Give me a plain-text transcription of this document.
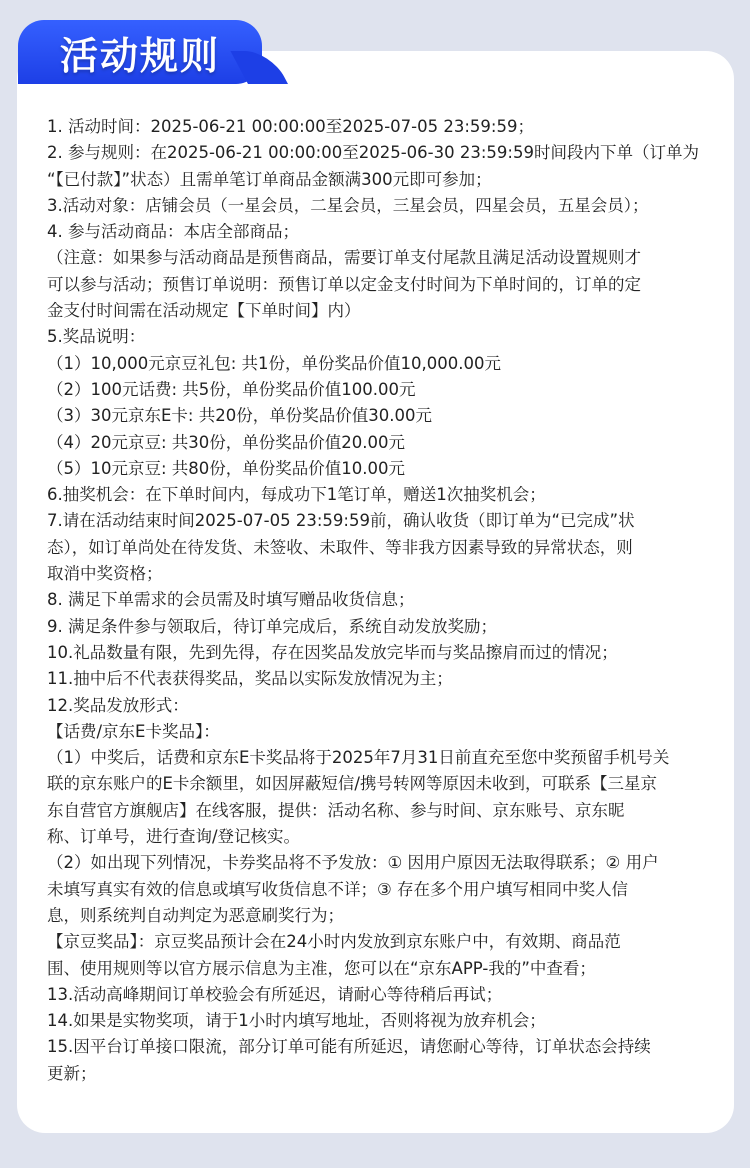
活动规则
1. 活动时间：2025-06-21 00:00:00至2025-07-05 23:59:59；
2. 参与规则：在2025-06-21 00:00:00至2025-06-30 23:59:59时间段内下单（订单为
“【已付款】”状态）且需单笔订单商品金额满300元即可参加；
3.活动对象：店铺会员（一星会员，二星会员，三星会员，四星会员，五星会员）；
4. 参与活动商品：本店全部商品；
（注意：如果参与活动商品是预售商品，需要订单支付尾款且满足活动设置规则才
可以参与活动；预售订单说明：预售订单以定金支付时间为下单时间的，订单的定
金支付时间需在活动规定【下单时间】内）
5.奖品说明：
（1）10,000元京豆礼包: 共1份，单份奖品价值10,000.00元
（2）100元话费: 共5份，单份奖品价值100.00元
（3）30元京东E卡: 共20份，单份奖品价值30.00元
（4）20元京豆: 共30份，单份奖品价值20.00元
（5）10元京豆: 共80份，单份奖品价值10.00元
6.抽奖机会：在下单时间内，每成功下1笔订单，赠送1次抽奖机会；
7.请在活动结束时间2025-07-05 23:59:59前，确认收货（即订单为“已完成”状
态），如订单尚处在待发货、未签收、未取件、等非我方因素导致的异常状态，则
取消中奖资格；
8. 满足下单需求的会员需及时填写赠品收货信息；
9. 满足条件参与领取后，待订单完成后，系统自动发放奖励；
10.礼品数量有限，先到先得，存在因奖品发放完毕而与奖品擦肩而过的情况；
11.抽中后不代表获得奖品，奖品以实际发放情况为主；
12.奖品发放形式：
【话费/京东E卡奖品】：
（1）中奖后，话费和京东E卡奖品将于2025年7月31日前直充至您中奖预留手机号关
联的京东账户的E卡余额里，如因屏蔽短信/携号转网等原因未收到，可联系【三星京
东自营官方旗舰店】在线客服，提供：活动名称、参与时间、京东账号、京东昵
称、订单号，进行查询/登记核实。
（2）如出现下列情况，卡券奖品将不予发放：① 因用户原因无法取得联系；② 用户
未填写真实有效的信息或填写收货信息不详；③ 存在多个用户填写相同中奖人信
息，则系统判自动判定为恶意刷奖行为；
【京豆奖品】：京豆奖品预计会在24小时内发放到京东账户中，有效期、商品范
围、使用规则等以官方展示信息为主准，您可以在“京东APP-我的”中查看；
13.活动高峰期间订单校验会有所延迟，请耐心等待稍后再试；
14.如果是实物奖项，请于1小时内填写地址，否则将视为放弃机会；
15.因平台订单接口限流，部分订单可能有所延迟，请您耐心等待，订单状态会持续
更新；
